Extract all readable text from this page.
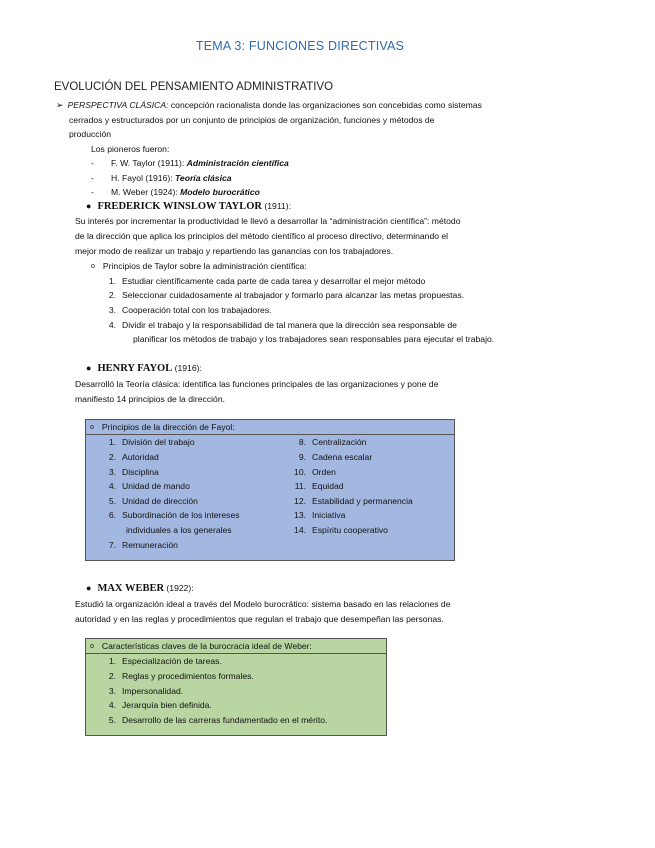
TEMA 3: FUNCIONES DIRECTIVAS
EVOLUCIÓN DEL PENSAMIENTO ADMINISTRATIVO
➢ PERSPECTIVA CLÁSICA: concepción racionalista donde las organizaciones son concebidas como sistemas
cerrados y estructurados por un conjunto de principios de organización, funciones y métodos de
producción
Los pioneros fueron:
- F. W. Taylor (1911): Administración científica
- H. Fayol (1916): Teoría clásica
- M. Weber (1924): Modelo burocrático
● FREDERICK WINSLOW TAYLOR (1911):
Su interés por incrementar la productividad le llevó a desarrollar la “administración científica”: método
de la dirección que aplica los principios del método científico al proceso directivo, determinando el
mejor modo de realizar un trabajo y repartiendo las ganancias con los trabajadores.
o Principios de Taylor sobre la administración científica:
1. Estudiar científicamente cada parte de cada tarea y desarrollar el mejor método
2. Seleccionar cuidadosamente al trabajador y formarlo para alcanzar las metas propuestas.
3. Cooperación total con los trabajadores.
4. Dividir el trabajo y la responsabilidad de tal manera que la dirección sea responsable de
planificar los métodos de trabajo y los trabajadores sean responsables para ejecutar el trabajo.
● HENRY FAYOL (1916):
Desarrolló la Teoría clásica: identifica las funciones principales de las organizaciones y pone de
manifiesto 14 principios de la dirección.
o Principios de la dirección de Fayol:
1. División del trabajo
2. Autoridad
3. Disciplina
4. Unidad de mando
5. Unidad de dirección
6. Subordinación de los intereses
individuales a los generales
7. Remuneración
8. Centralización
9. Cadena escalar
10. Orden
11. Equidad
12. Estabilidad y permanencia
13. Iniciativa
14. Espíritu cooperativo
● MAX WEBER (1922):
Estudió la organización ideal a través del Modelo burocrático: sistema basado en las relaciones de
autoridad y en las reglas y procedimientos que regulan el trabajo que desempeñan las personas.
o Características claves de la burocracia ideal de Weber:
1. Especialización de tareas.
2. Reglas y procedimientos formales.
3. Impersonalidad.
4. Jerarquía bien definida.
5. Desarrollo de las carreras fundamentado en el mérito.
